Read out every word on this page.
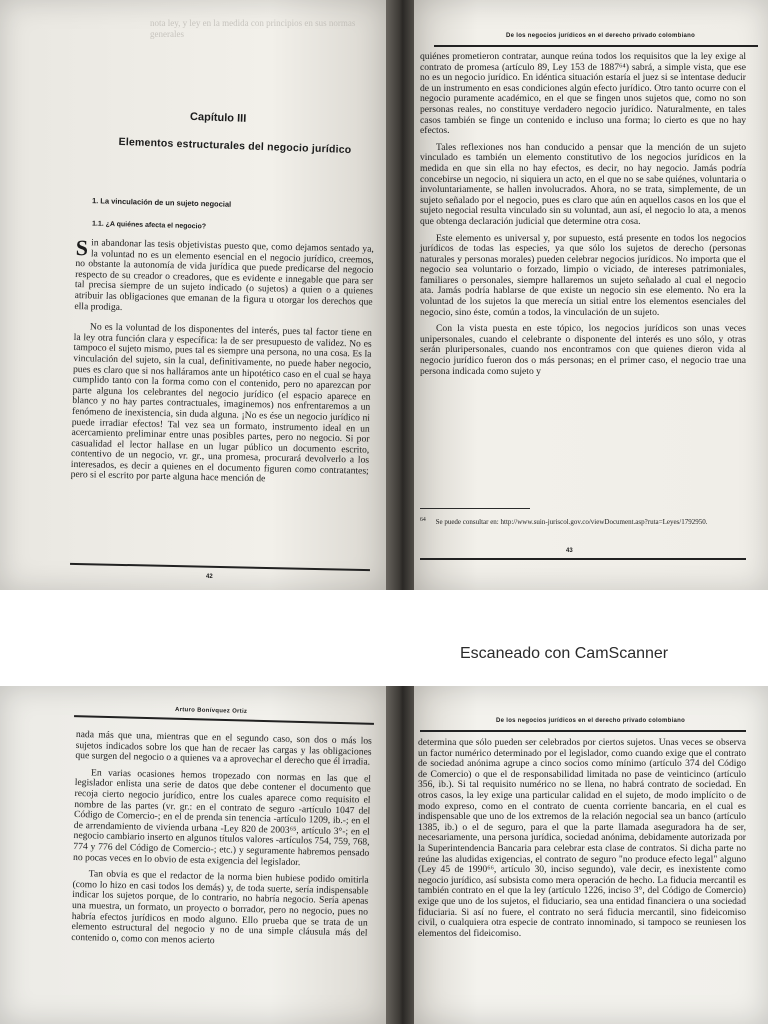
nota ley, y ley en la medida con principios en sus normas generales
Capítulo III
Elementos estructurales del negocio jurídico
1. La vinculación de un sujeto negocial
1.1. ¿A quiénes afecta el negocio?

Sin abandonar las tesis objetivistas puesto que, como dejamos sentado ya, la voluntad no es un elemento esencial en el negocio jurídico, creemos, no obstante la autonomía de vida jurídica que puede predicarse del negocio respecto de su creador o creadores, que es evidente e innegable que para ser tal precisa siempre de un sujeto indicado (o sujetos) a quien o a quienes atribuir las obligaciones que emanan de la figura u otorgar los derechos que ella prodiga.

No es la voluntad de los disponentes del interés, pues tal factor tiene en la ley otra función clara y específica: la de ser presupuesto de validez. No es tampoco el sujeto mismo, pues tal es siempre una persona, no una cosa. Es la vinculación del sujeto, sin la cual, definitivamente, no puede haber negocio, pues es claro que si nos halláramos ante un hipotético caso en el cual se haya cumplido tanto con la forma como con el contenido, pero no aparezcan por parte alguna los celebrantes del negocio jurídico (el espacio aparece en blanco y no hay partes contractuales, imaginemos) nos enfrentaremos a un fenómeno de inexistencia, sin duda alguna. ¡No es ése un negocio jurídico ni puede irradiar efectos! Tal vez sea un formato, instrumento ideal en un acercamiento preliminar entre unas posibles partes, pero no negocio. Si por casualidad el lector hallase en un lugar público un documento escrito, contentivo de un negocio, vr. gr., una promesa, procurará devolverlo a los interesados, es decir a quienes en el documento figuren como contratantes; pero si el escrito por parte alguna hace mención de

42
De los negocios jurídicos en el derecho privado colombiano

quiénes prometieron contratar, aunque reúna todos los requisitos que la ley exige al contrato de promesa (artículo 89, Ley 153 de 1887⁶⁴) sabrá, a simple vista, que ese no es un negocio jurídico. En idéntica situación estaría el juez si se intentase deducir de un instrumento en esas condiciones algún efecto jurídico. Otro tanto ocurre con el negocio puramente académico, en el que se fingen unos sujetos que, como no son personas reales, no constituye verdadero negocio jurídico. Naturalmente, en tales casos también se finge un contenido e incluso una forma; lo cierto es que no hay efectos.

Tales reflexiones nos han conducido a pensar que la mención de un sujeto vinculado es también un elemento constitutivo de los negocios jurídicos en la medida en que sin ella no hay efectos, es decir, no hay negocio. Jamás podría concebirse un negocio, ni siquiera un acto, en el que no se sabe quiénes, voluntaria o involuntariamente, se hallen involucrados. Ahora, no se trata, simplemente, de un sujeto señalado por el negocio, pues es claro que aún en aquellos casos en los que el sujeto negocial resulta vinculado sin su voluntad, aun así, el negocio lo ata, a menos que obtenga declaración judicial que determine otra cosa.

Este elemento es universal y, por supuesto, está presente en todos los negocios jurídicos de todas las especies, ya que sólo los sujetos de derecho (personas naturales y personas morales) pueden celebrar negocios jurídicos. No importa que el negocio sea voluntario o forzado, limpio o viciado, de intereses patrimoniales, familiares o personales, siempre hallaremos un sujeto señalado al cual el negocio ata. Jamás podría hablarse de que existe un negocio sin ese elemento. No era la voluntad de los sujetos la que merecía un sitial entre los elementos esenciales del negocio, sino éste, común a todos, la vinculación de un sujeto.

Con la vista puesta en este tópico, los negocios jurídicos son unas veces unipersonales, cuando el celebrante o disponente del interés es uno sólo, y otras serán pluripersonales, cuando nos encontramos con que quienes dieron vida al negocio jurídico fueron dos o más personas; en el primer caso, el negocio trae una persona indicada como sujeto y

$^{64}$ Se puede consultar en: http://www.suin-juriscol.gov.co/viewDocument.asp?ruta=Leyes/1792950.
43
Escaneado con CamScanner
Arturo Bonívquez Ortiz

nada más que una, mientras que en el segundo caso, son dos o más los sujetos indicados sobre los que han de recaer las cargas y las obligaciones que surgen del negocio o a quienes va a aprovechar el derecho que él irradia.

En varias ocasiones hemos tropezado con normas en las que el legislador enlista una serie de datos que debe contener el documento que recoja cierto negocio jurídico, entre los cuales aparece como requisito el nombre de las partes (vr. gr.: en el contrato de seguro -artículo 1047 del Código de Comercio-; en el de prenda sin tenencia -artículo 1209, ib.-; en el de arrendamiento de vivienda urbana -Ley 820 de 2003⁶⁵, artículo 3°-; en el negocio cambiario inserto en algunos títulos valores -artículos 754, 759, 768, 774 y 776 del Código de Comercio-; etc.) y seguramente habremos pensado no pocas veces en lo obvio de esta exigencia del legislador.

Tan obvia es que el redactor de la norma bien hubiese podido omitirla (como lo hizo en casi todos los demás) y, de toda suerte, sería indispensable indicar los sujetos porque, de lo contrario, no habría negocio. Sería apenas una muestra, un formato, un proyecto o borrador, pero no negocio, pues no habría efectos jurídicos en modo alguno. Ello prueba que se trata de un elemento estructural del negocio y no de una simple cláusula más del contenido o, como con menos acierto

De los negocios jurídicos en el derecho privado colombiano

determina que sólo pueden ser celebrados por ciertos sujetos. Unas veces se observa un factor numérico determinado por el legislador, como cuando exige que el contrato de sociedad anónima agrupe a cinco socios como mínimo (artículo 374 del Código de Comercio) o que el de responsabilidad limitada no pase de veinticinco (artículo 356, ib.). Si tal requisito numérico no se llena, no habrá contrato de sociedad. En otros casos, la ley exige una particular calidad en el sujeto, de modo implícito o de modo expreso, como en el contrato de cuenta corriente bancaria, en el cual es indispensable que uno de los extremos de la relación negocial sea un banco (artículo 1385, ib.) o el de seguro, para el que la parte llamada aseguradora ha de ser, necesariamente, una persona jurídica, sociedad anónima, debidamente autorizada por la Superintendencia Bancaria para celebrar esta clase de contratos. Si dicha parte no reúne las aludidas exigencias, el contrato de seguro "no produce efecto legal" alguno (Ley 45 de 1990⁶⁶, artículo 30, inciso segundo), vale decir, es inexistente como negocio jurídico, así subsista como mera operación de hecho. La fiducia mercantil es también contrato en el que la ley (artículo 1226, inciso 3°, del Código de Comercio) exige que uno de los sujetos, el fiduciario, sea una entidad financiera o una sociedad fiduciaria. Si así no fuere, el contrato no será fiducia mercantil, sino fideicomiso civil, o cualquiera otra especie de contrato innominado, si tampoco se reuniesen los elementos del fideicomiso.
